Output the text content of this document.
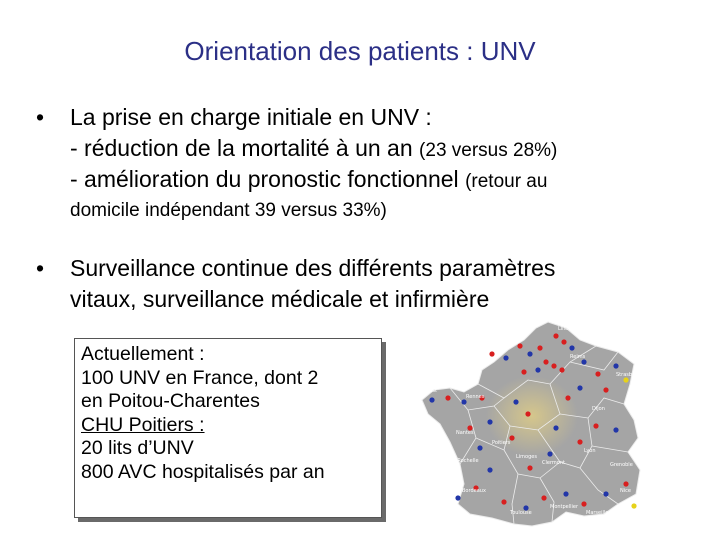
Orientation des patients : UNV
• La prise en charge initiale en UNV :
- réduction de la mortalité à un an (23 versus 28%)
- amélioration du pronostic fonctionnel (retour au
domicile indépendant 39 versus 33%)
• Surveillance continue des différents paramètres
vitaux, surveillance médicale et infirmière
Actuellement :
100 UNV en France, dont 2
en Poitou-Charentes
CHU Poitiers :
20 lits d’UNV
800 AVC hospitalisés par an
Lille
Strasbourg
Rennes
Nantes
Poitiers
La Rochelle
Lyon
Bordeaux
Toulouse	Marseille
Montpellier
Nice
Grenoble
Dijon
Limoges
Brest
Clermont
Reims
